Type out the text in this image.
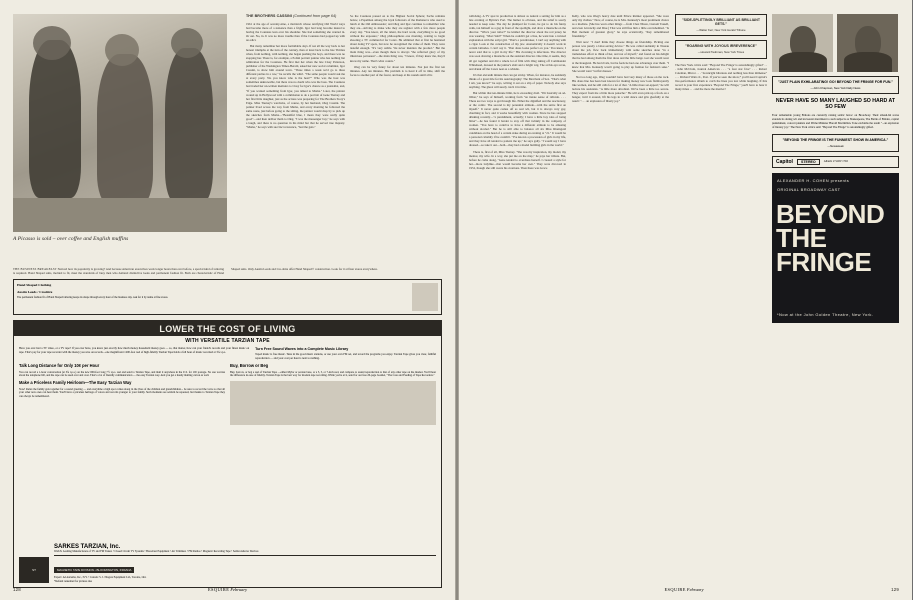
A Picasso is sold – over coffee and English muffins

THE BUSINESS BREAKFAST Noticed how its popularity is growing? And because American executives work longer hours than ever before, a special kind of tailoring is required. Hand Shaped suits, molded to fit, meet the standards of busy men who demand distinctive looks and permanent fashion fit. Both are characteristic of Hand Shaped suits. Only Austin Leeds and Cro-shire offer Hand Shaped® construction. Look for it at finer stores everywhere.

Hand Shaped Clothing
Austin Leeds / Croshire
The permanent fashion fit of Hand Shaped tailoring keeps its shape through every hour of the business day. Ask for it by name at fine stores.
LOWER THE COST OF LIVING
WITH VERSATILE TARZIAN TAPE
Have you ever had a TV video, or a TV tape? If you ever have, you know just exactly how much money household money goes — so, that matter, how can your friend's records and your finest music on tape. That's pay for your tape recorder with the money you save on records—one magnificent 1200-foot reel of high-fidelity Tarzian Tape holds a full hour of music recorded at 3¾ i.p.s.
Turn Free Sound Waves into a Complete Music Library
Taped music is free music. Tune in the good music stations, or use your own FM set, and record the programs you enjoy. Tarzian Tape gives you clear, faithful reproduction — and your cost per hour is next to nothing.
Talk Long Distance for Only 10¢ per Hour
You can record a 1-hour conversation (at 3¾ i.p.s.) on the new 600-foot long 7½ i.p.s. reel and send to Tarzian Tape, and mail it anywhere in the U.S. for 10¢ postage. No one worries about the telephone bill, and the tape can be used over and over. That's a lot of friendly communication — the easy Tarzian way. And you get a handy mailing carton as well.
Buy, Borrow or Beg
Buy, borrow, or beg a reel of Tarzian Tape —either Mylar or acetate base, or a 3, 5, or 7-inch reel, and compare to sound reproduction to that of any other tape on the market. You'll hear the difference in ease of fidelity. Tarzian Tape is the best way for modern tape recording. While you're at it, send for our free 20-page booklet, "The Care and Feeding of Tape Recorders."
Make a Priceless Family Heirloom—The Easy Tarzian Way
Now! Relax the family gets together for a sound greeting — and everytime a high spot comes along in the lives of the children and grandchildren... be sure to record the voice so that all your other new ones can hear them. You'll have a priceless heritage of voices and records younger to your family. Such moments are seldom be repeated, but thanks to Tarzian Tape they can always be remembered.
ST
SARKES TARZIAN, Inc.
World's Leading Manufacturers of TV and FM Tuners • Closed Circuit TV Systems • Broadcast Equipment • Air Trimmers • FM Radios • Magnetic Recording Tape • Semiconductor Devices
MAGNETIC TAPE DIVISION • BLOOMINGTON, INDIANA
Export: Ad Auriema, Inc., N.Y. • Canada: S. J. Niagara Equipment Ltd., Toronto, Ont.
*Refund redeemed for pictures due
THE BROTHERS CASSINI (Continued from page 64)

1961 at the age of seventy-nine, a matriarch whose terrifying Old World ways had become more of a nuisance than a fright. Igor had long become inured to having the Countess lean over his shoulder. She had something she wanted in. Or out. No, in. It was no more trouble than if the Countess had popped up with an edict.

But many remember her more formidable days. If not all the way back to her honest triumphs at the turn of the century, then at least back to the late Thirties when, from nothing, with nothing, she began pushing the boys, and there was no stopping her. There is, for example, a Polish portrait painter who has nothing but admiration for the Countess. He first met her when the late Cissy Patterson, publisher of the Washington Times-Herald, asked her new social columnist, Igor Cassini, to show him around town. "Three times a week we'd go to three different parties in a row," he recalls the whirl. "The same people would ask me at every party. 'Do you know who is the host?'" Who was the host was sometimes unknowable, but there was no doubt who was the boss. The Countess had traded her un-written memoirs to Cissy for Igor's chance as a journalist, and, "If you wanted something from Igor, you talked to Mama." Later, the painter wound up in Hollywood with a commission to do a portrait of Gene Tierney and her first little daughter, just as the actress was preparing for The Brothers Story's Edge. Miss Tierney's wardrobe, of course, by her husband, Oleg Cassini. The painter lived across the way from Mama, and every morning he followed the same route, just before going to the sitting, the painter would drop by to pick up the sketches from Mama—"Beautiful blue, I mean they were really quite good"—and then deliver them to Oleg. "I was the messenger boy," he says with a laugh, and there is no question in his mind but that he served true majesty. "Mama," he says with succinct reverence, "had the guts."

So the Countess passed on to the Highest Social Sphere; Sacha remains below, a Papelman among the loyal followers of the Romanovs who used to lunch at the Old Ambassador; and Oleg and Igor continue to remember who they are—striving to make who they are register with a few more people every day. "You know, all the talent, the hard work, everything is no good without the exposure," Oleg philosophizes one morning, waiting to begin shooting a TV commercial for Cotex. He admitted that at first he hesitated about doing TV spots, but now he recognized the value of them. They were tasteful enough. "It's very subtle. We never mention the product." But the main thing was—even though there is always "the reflected glory of my illustrious patroness"—the main thing was, "I know, if they knew me, they'd know my name. That's what counts."

Oleg can be very funny for about ten minutes. Not just the first ten minutes. Any ten minutes. His problem is to head it off in time, shift the focus to another part of the forest, and keep at his rounds until all is

128	ESQUIRE February

rollicking. A TV spot in production is almost as natural a setting for him as a late evening at Byrnie's Port. The humor is obvious, and the relief is sorely needed to keep sane. The day he plumped for Cotex, he got to do his funny walk, tan himself as a gag in front of the spotlight, and draw a mustache on the director. "Who's your tailor?" he kidded the director about the red jersey he was wearing. "Mort Sahl?" When he couldn't get a line, he went into a twisted explanation with the script girl. "That's a pawnbroker, I can't say anything with a cigar. Look at the construction of my jaw. Anatomically it doesn't work in certain latitudes. I can't say it. 'That dress looks perfect on you.' You know, I never said that to a girl in my life." His clowning is infectious. The director was soon drawing a mustache on the assistant director. One time, it seems, they all got together and did a whole lot of film with Oleg taking off Commander Whitehead, dressed in the janitor's shirt and a bright wig. The ad his eye roves, and drunk off the Cotex neat as a whistle.

It's that eleventh minute that can get sticky. When, for instance, he suddenly thinks of a great title for his autobiography: The Merchant of Sex. "That's what I am, you know?" he says, writing it out on a slip of paper. Nobody else says anything. The ghost will surely catch it in time.

But within that ten-minute limit, he is exceeding droll. "I'm basically an ad-libber," he says of himself, working from "an innate sense of ridicule. . . . There are two ways to get through life. Either the dignified and the reactionary, or the comic. The second is my perennial attitude—with the satire first on myself." It never quite comes off as real wit, but it is always very gay, charming in fact, and it works beautifully with women. Since he has stopped drinking recently—"a punishment, actually; I have a little boy idea of being bitter"—he has found it harder to stay off that twinkly in the company of women. "You have to contrive to have a different attitude to be amusing without alcohol." But he is still able to balance all six Miss Rheingold candidates on the head of a certain stake during an evening at "21." It would be a personal calamity if he couldn't. "I've known a procession of girls in my life, and they have all tended to pattern me up," he says gaily. "I would say I have dressed—so take it out—both—they had a model building girls in the world."

There is, first of all, Miss Tierney. "She was my inspiration, my model, my mentor, my wife. In a way, she put me on the map," he pays her tribute. But, before he came along, "Gene tended to overdress herself. I created a style for her—more ladylike—that would become her own." They were divorced in 1952, though she still wears his creations. Then there was Grace

Kelly, who was Oleg's heavy date until Prince Rainier appeared. "She wore only my clothes." Now, of course, he is Mrs. Kennedy's most prominent choice as a modiste. (She has worn other things —from Chez Ninon, Custom Tassell, and even Givenchy and Dior.) That was still fine him a little overwhelmed. "Is Heti moment of greatest glory," he says ecstatically, "they remembered friendship."

Wait now: "I don't think they choose things on friendship. Picking one person was purely a labor-saving device." He was called suddenly in Nassau about the job, flew back immediately with some sketches done "in a tremendous effort to think of her, and not of myself," and found on his delight that he had among them the first dress and the little beige coat she would wear at the Inaugural. He had rivals, but he feels he had one advantage over them. "I knew that Mrs. Kennedy wasn't going to play up fashion for fashion's sake." She would want "tactful dresses."

Not too long ago, Oleg wouldn't have had very many of those on the rack. His dress line has been best known for making money now look flamboyantly like women, and he still calls for a lot of that. "A little more set-appeal," he will lecture his assistants. "A little more décolleté. We've been a little too severe. They expect from me a little more panache." He will even pick up a frock on a hanger, twirl it around, lift his legs in a wild dance and grin gleefully at the result: ". . . an explosion of liberty joy."

"SIDE-SPLITTINGLY BRILLIANT AS BRILLIANT GETS."
—Walter Kerr, New York Herald Tribune
"ROARING WITH JOYOUS IRREVERENCE"
—Howard Taubman, New York Times

The New York critics said: "'Beyond The Fringe' is astonishingly gifted" . . . John McClain, Journal American . . . "a four star fave" . . . Robert Coleman, Mirror . . . "downright hilarious and nothing less than immense" . . . Richard Watts Jr., Post. If you've seen the show,* you'll need Capitol's live-performance album to catch the lines you lost while laughing. If this record is your first experience "Beyond The Fringe," you'll have to hear it many times . . . and the more the merrier!

"JUST PLAIN EXHILARATING! GO! BEYOND THE FRINGE FOR FUN."
—John Chapman, New York Daily News
NEVER HAVE SO MANY LAUGHED SO HARD AT SO FEW
Four remarkable young Britons are currently raising satiric havoc on Broadway. Their smash-hit revue extends its daring wit and irreverent merriment to such subjects as Shakespeare, The Battle of Britain, capital punishment, concert pianists and Prime Minister Harold Macmillan. Tone exclaims the result "...an explosion of literary joy." The New York critics said: "Beyond The Fringe" is astonishingly gifted.
"BEYOND THE FRINGE IS THE FUNNIEST SHOW IN AMERICA."
—Newsweek
Capitol	STEREO	Album: Z SOW 1792
ALEXANDER H. COHEN presents
ORIGINAL BROADWAY CAST
BEYOND THE FRINGE
*Now at the John Golden Theatre, New York.
129
ESQUIRE February
